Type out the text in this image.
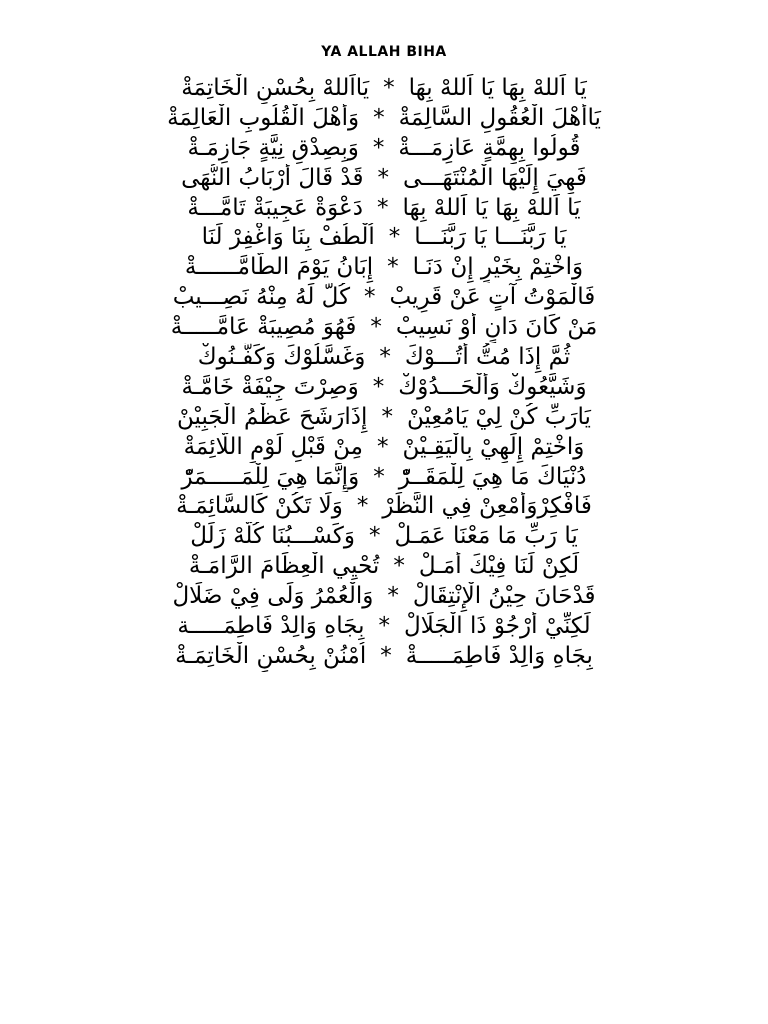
YA ALLAH BIHA
يَا اَللهْ بِهَا يَا اَللهْ بِهَا*يَااَللهْ بِحُسْنِ الْخَاتِمَةْ
يَاأَهْلَ الْعُقُولِ السَّالِمَةْ*وَأَهْلَ الْقُلُوبِ الْعَالِمَةْ
قُولُوا بِهِمَّةٍ عَازِمَـــةْ*وَبِصِدْقِ نِيَّةٍ جَازِمَـةْ
فَهِيَ إِلَيْهَا الْمُنْتَهَـــى*قَدْ قَالَ أَرْبَابُ النُّهَى
يَا اَللهْ بِهَا يَا اَللهْ بِهَا*دَعْوَةْ عَجِيبَةْ تَامَّـــةْ
يَا رَبَّنَـــا يَا رَبَّنَـــا*اُلْطُفْ بِنَا وَاغْفِرْ لَنَا
وَاخْتِمْ بِخَيْرٍ إِنْ دَنَـا*إِبَانُ يَوْمَ الطَّامَّــــــةْ
فَالْمَوْتُ آتٍ عَنْ قَرِيبْ*كُلٌّ لَهُ مِنْهُ نَصِـــيبْ
مَنْ كَانَ دَانٍ أَوْ نَسِيبْ*فَهُوَ مُصِيبَةْ عَامَّـــــةْ
ثُمَّ إِذَا مُتُّ أَتُـــوْكَ*وَغَسَّلُوْكَ وَكَفَّـنُوكْ
وَشَيَّعُوكْ وَأَلْحَـــدُوْكْ*وَصِرْتَ جِيْفَةْ خَامَّـةْ
يَارَبِّ كُنْ لِيْ يَامُعِيْنْ*إِذَارَشَحَ عَظْمُ الْجَبِيْنْ
وَاخْتِمْ إِلَهِيْ بِالْيَقِـيْنْ*مِنْ قَبْلِ لَوْمِ اللَّائِمَةْ
دُنْيَاكَ مَا هِيَ لِلْمَقَــرّْ*وَإِنَّمَا هِيَ لِلْمَـــــمَرّْ
فَافْكِرْوَأَمْعِنْ فِي النَّظَرْ*وَلَا تَكُنْ كَالسَّائِمَـةْ
يَا رَبِّ مَا مَعْنَا عَمَـلْ*وَكَسْـــبُنَا كُلُّهْ زَلَلْ
لَكِنْ لَنَا فِيْكَ أَمَـلْ*تُحْيِي الْعِظَامَ الرَّامَـةْ
قَدْحَانَ حِيْنُ الْإِنْتِقَالْ*وَالْعُمْرُ وَلَى فِيْ ضَلَالْ
لَكِنِّيْ أَرْجُوْ ذَا الْجَلَالْ*بِجَاهِ وَالِدْ فَاطِمَـــــة
بِجَاهِ وَالِدْ فَاطِمَـــــةْ*اُمْنُنْ بِحُسْنِ الْخَاتِمَـةْ
